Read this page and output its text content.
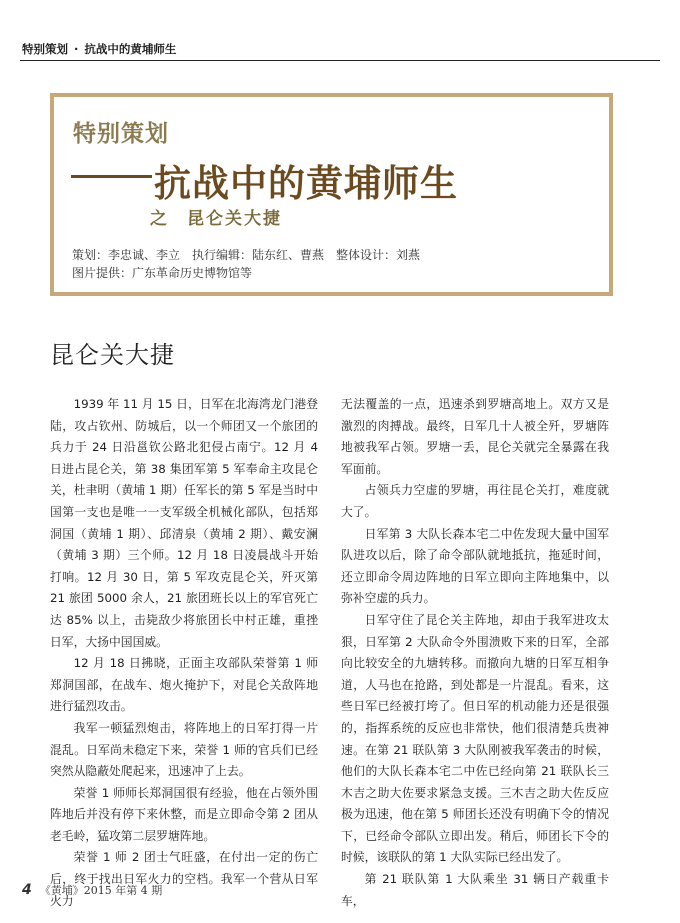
特别策划 · 抗战中的黄埔师生
特别策划
抗战中的黄埔师生
之 昆仑关大捷
策划：李忠诚、李立 执行编辑：陆东红、曹燕 整体设计：刘燕
图片提供：广东革命历史博物馆等
昆仑关大捷

1939 年 11 月 15 日，日军在北海湾龙门港登陆，攻占钦州、防城后，以一个师团又一个旅团的兵力于 24 日沿邕钦公路北犯侵占南宁。12 月 4 日进占昆仑关，第 38 集团军第 5 军奉命主攻昆仑关，杜聿明（黄埔 1 期）任军长的第 5 军是当时中国第一支也是唯一一支军级全机械化部队，包括郑洞国（黄埔 1 期）、邱清泉（黄埔 2 期）、戴安澜（黄埔 3 期）三个师。12 月 18 日凌晨战斗开始打响。12 月 30 日，第 5 军攻克昆仑关，歼灭第 21 旅团 5000 余人，21 旅团班长以上的军官死亡达 85% 以上，击毙敌少将旅团长中村正雄，重挫日军，大扬中国国威。

12 月 18 日拂晓，正面主攻部队荣誉第 1 师郑洞国部，在战车、炮火掩护下，对昆仑关敌阵地进行猛烈攻击。

我军一顿猛烈炮击，将阵地上的日军打得一片混乱。日军尚未稳定下来，荣誉 1 师的官兵们已经突然从隐蔽处爬起来，迅速冲了上去。

荣誉 1 师师长郑洞国很有经验，他在占领外围阵地后并没有停下来休整，而是立即命令第 2 团从老毛岭，猛攻第二层罗塘阵地。

荣誉 1 师 2 团士气旺盛，在付出一定的伤亡后，终于找出日军火力的空档。我军一个营从日军火力

无法覆盖的一点，迅速杀到罗塘高地上。双方又是激烈的肉搏战。最终，日军几十人被全歼，罗塘阵地被我军占领。罗塘一丢，昆仑关就完全暴露在我军面前。

占领兵力空虚的罗塘，再往昆仑关打，难度就大了。

日军第 3 大队长森本宅二中佐发现大量中国军队进攻以后，除了命令部队就地抵抗，拖延时间，还立即命令周边阵地的日军立即向主阵地集中，以弥补空虚的兵力。

日军守住了昆仑关主阵地，却由于我军进攻太狠，日军第 2 大队命令外围溃败下来的日军，全部向比较安全的九塘转移。而撤向九塘的日军互相争道，人马也在抢路，到处都是一片混乱。看来，这些日军已经被打垮了。但日军的机动能力还是很强的，指挥系统的反应也非常快，他们很清楚兵贵神速。在第 21 联队第 3 大队刚被我军袭击的时候，他们的大队长森本宅二中佐已经向第 21 联队长三木吉之助大佐要求紧急支援。三木吉之助大佐反应极为迅速，他在第 5 师团长还没有明确下令的情况下，已经命令部队立即出发。稍后，师团长下令的时候，该联队的第 1 大队实际已经出发了。

第 21 联队第 1 大队乘坐 31 辆日产载重卡车，

4 《黄埔》2015 年第 4 期
